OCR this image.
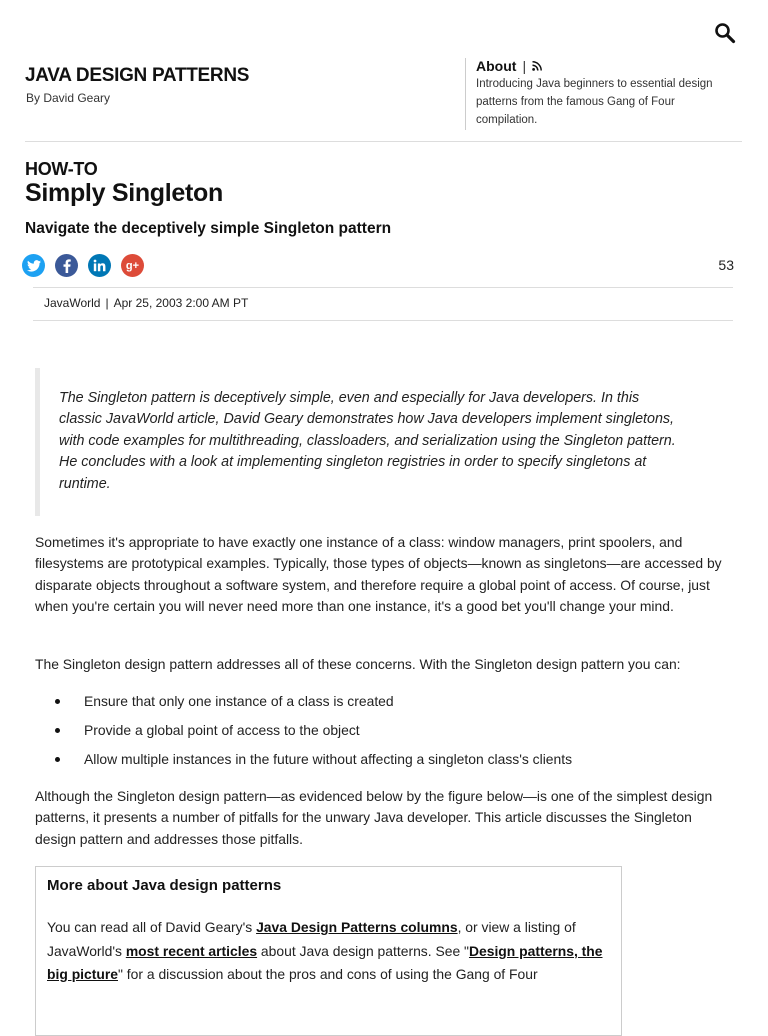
JAVA DESIGN PATTERNS
By David Geary
About |
Introducing Java beginners to essential design patterns from the famous Gang of Four compilation.
HOW-TO
Simply Singleton
Navigate the deceptively simple Singleton pattern
g+	53
JavaWorld | Apr 25, 2003 2:00 AM PT
The Singleton pattern is deceptively simple, even and especially for Java developers. In this classic JavaWorld article, David Geary demonstrates how Java developers implement singletons, with code examples for multithreading, classloaders, and serialization using the Singleton pattern. He concludes with a look at implementing singleton registries in order to specify singletons at runtime.

Sometimes it's appropriate to have exactly one instance of a class: window managers, print spoolers, and filesystems are prototypical examples. Typically, those types of objects—known as singletons—are accessed by disparate objects throughout a software system, and therefore require a global point of access. Of course, just when you're certain you will never need more than one instance, it's a good bet you'll change your mind.

The Singleton design pattern addresses all of these concerns. With the Singleton design pattern you can:

Ensure that only one instance of a class is created
Provide a global point of access to the object
Allow multiple instances in the future without affecting a singleton class's clients

Although the Singleton design pattern—as evidenced below by the figure below—is one of the simplest design patterns, it presents a number of pitfalls for the unwary Java developer. This article discusses the Singleton design pattern and addresses those pitfalls.

More about Java design patterns

You can read all of David Geary's Java Design Patterns columns, or view a listing of JavaWorld's most recent articles about Java design patterns. See "Design patterns, the big picture" for a discussion about the pros and cons of using the Gang of Four
